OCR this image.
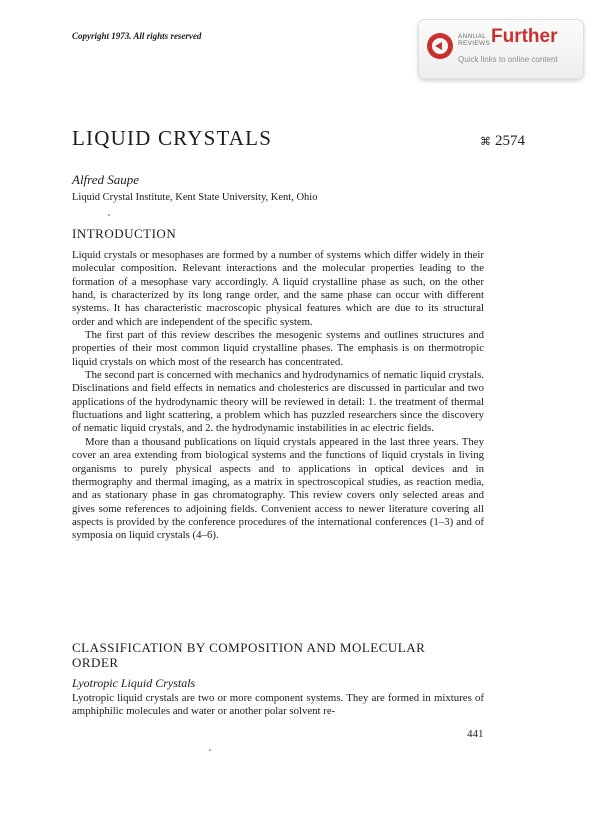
Copyright 1973. All rights reserved	ANNUAL REVIEWS Further
Quick links to online content
LIQUID CRYSTALS	⌘ 2574
Alfred Saupe
Liquid Crystal Institute, Kent State University, Kent, Ohio
INTRODUCTION

Liquid crystals or mesophases are formed by a number of systems which differ widely in their molecular composition. Relevant interactions and the molecular properties leading to the formation of a mesophase vary accordingly. A liquid crystalline phase as such, on the other hand, is characterized by its long range order, and the same phase can occur with different systems. It has characteristic macroscopic physical features which are due to its structural order and which are independent of the specific system.

The first part of this review describes the mesogenic systems and outlines structures and properties of their most common liquid crystalline phases. The emphasis is on thermotropic liquid crystals on which most of the research has concentrated.

The second part is concerned with mechanics and hydrodynamics of nematic liquid crystals. Disclinations and field effects in nematics and cholesterics are discussed in particular and two applications of the hydrodynamic theory will be reviewed in detail: 1. the treatment of thermal fluctuations and light scattering, a problem which has puzzled researchers since the discovery of nematic liquid crystals, and 2. the hydrodynamic instabilities in ac electric fields.

More than a thousand publications on liquid crystals appeared in the last three years. They cover an area extending from biological systems and the functions of liquid crystals in living organisms to purely physical aspects and to applications in optical devices and in thermography and thermal imaging, as a matrix in spectroscopical studies, as reaction media, and as stationary phase in gas chromatography. This review covers only selected areas and gives some references to adjoining fields. Convenient access to newer literature covering all aspects is provided by the conference procedures of the international conferences (1–3) and of symposia on liquid crystals (4–6).

CLASSIFICATION BY COMPOSITION AND MOLECULAR ORDER
Lyotropic Liquid Crystals

Lyotropic liquid crystals are two or more component systems. They are formed in mixtures of amphiphilic molecules and water or another polar solvent re-

441
